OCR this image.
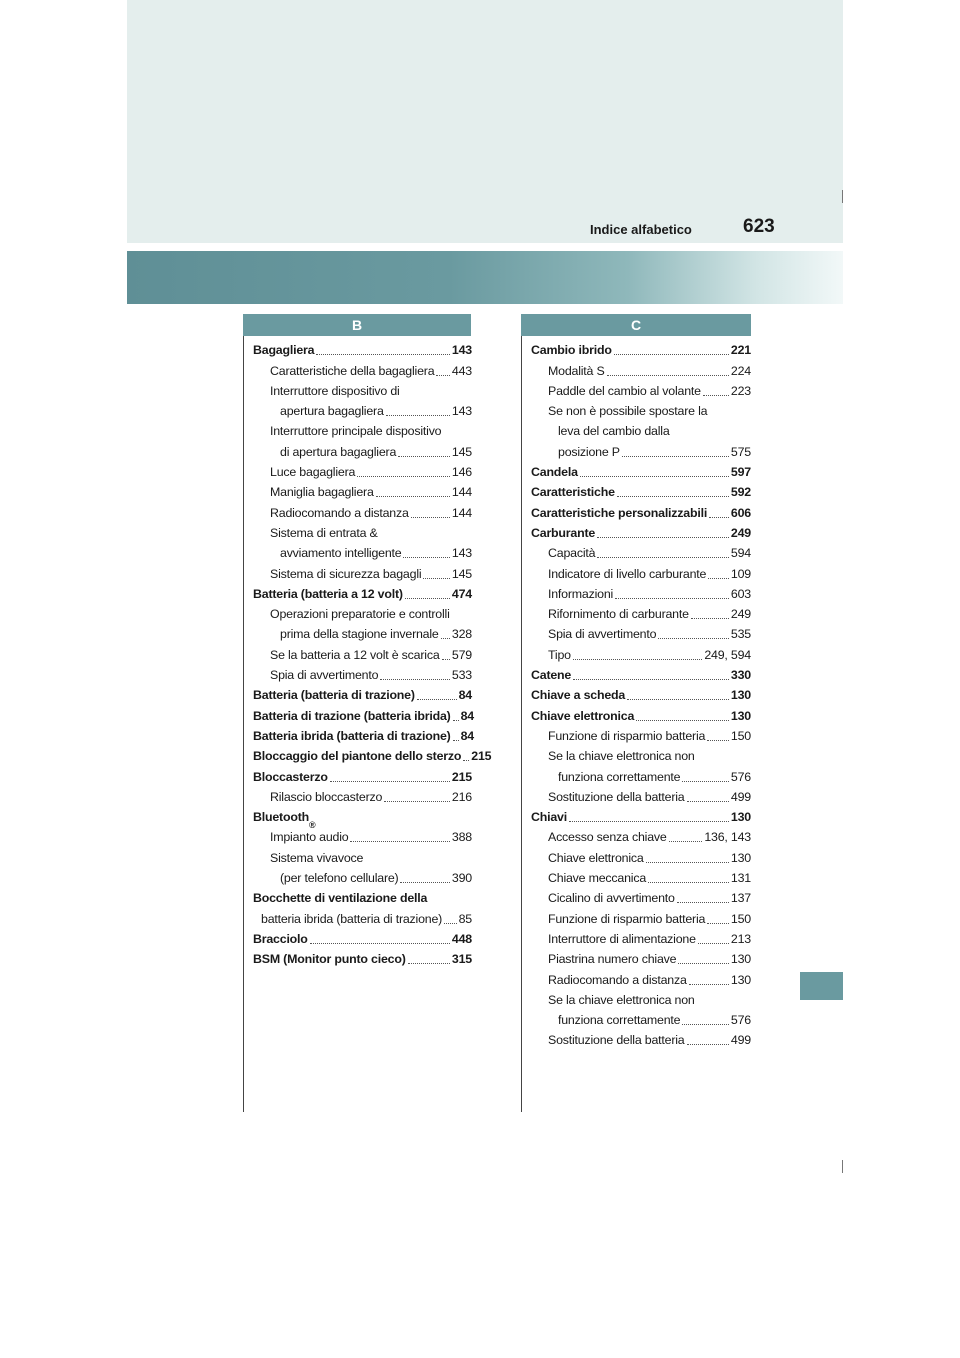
Indice alfabetico	623
B	C
Bagagliera	143
Caratteristiche della bagagliera 443
Interruttore dispositivo di
apertura bagagliera	143
Interruttore principale dispositivo
di apertura bagagliera	145
Luce bagagliera	146
Maniglia bagagliera	144
Radiocomando a distanza	144
Sistema di entrata &
avviamento intelligente	143
Sistema di sicurezza bagagli 145
Batteria (batteria a 12 volt)	474
Operazioni preparatorie e controlli
prima della stagione invernale 328
Se la batteria a 12 volt è scarica 579
Spia di avvertimento	533
Batteria (batteria di trazione)	84
Batteria di trazione (batteria ibrida) 84
Batteria ibrida (batteria di trazione) 84
Bloccaggio del piantone dello sterzo 215
Bloccasterzo	215
Rilascio bloccasterzo	216
Bluetooth
®
Impianto audio	388
Sistema vivavoce
(per telefono cellulare)	390
Bocchette di ventilazione della
batteria ibrida (batteria di trazione) 85
Bracciolo	448
BSM (Monitor punto cieco)	315
Cambio ibrido	221
Modalità S	224
Paddle del cambio al volante 223
Se non è possibile spostare la
leva del cambio dalla
posizione P	575
Candela	597
Caratteristiche	592
Caratteristiche personalizzabili 606
Carburante	249
Capacità	594
Indicatore di livello carburante 109
Informazioni	603
Rifornimento di carburante	249
Spia di avvertimento	535
Tipo	249, 594
Catene	330
Chiave a scheda	130
Chiave elettronica	130
Funzione di risparmio batteria 150
Se la chiave elettronica non
funziona correttamente	576
Sostituzione della batteria	499
Chiavi	130
Accesso senza chiave	136, 143
Chiave elettronica	130
Chiave meccanica	131
Cicalino di avvertimento	137
Funzione di risparmio batteria 150
Interruttore di alimentazione	213
Piastrina numero chiave	130
Radiocomando a distanza	130
Se la chiave elettronica non
funziona correttamente	576
Sostituzione della batteria	499
